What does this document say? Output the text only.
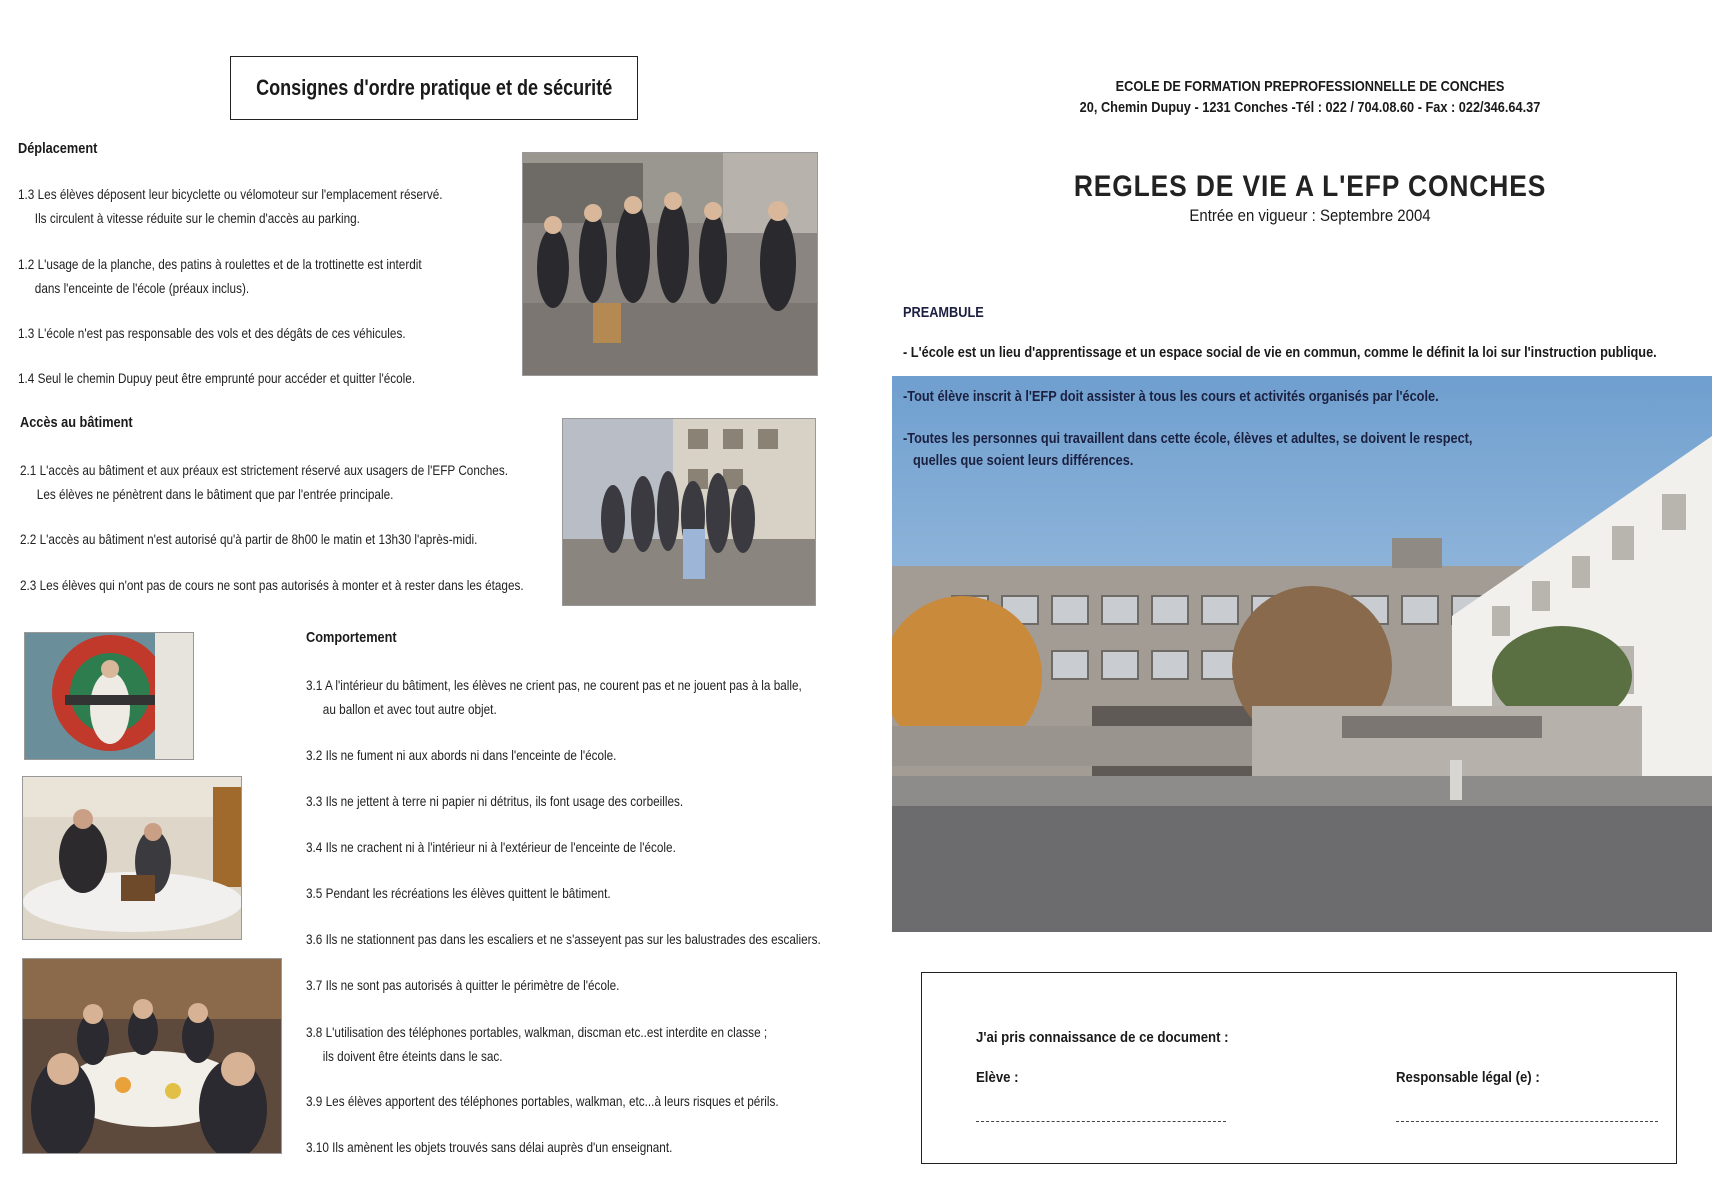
Consignes d'ordre pratique et de sécurité
Déplacement
1.3 Les élèves déposent leur bicyclette ou vélomoteur sur l'emplacement réservé.
Ils circulent à vitesse réduite sur le chemin d'accès au parking.
1.2 L'usage de la planche, des patins à roulettes et de la trottinette est interdit
dans l'enceinte de l'école (préaux inclus).
1.3 L'école n'est pas responsable des vols et des dégâts de ces véhicules.
1.4 Seul le chemin Dupuy peut être emprunté pour accéder et quitter l'école.
Accès au bâtiment
2.1 L'accès au bâtiment et aux préaux est strictement réservé aux usagers de l'EFP Conches.
Les élèves ne pénètrent dans le bâtiment que par l'entrée principale.
2.2 L'accès au bâtiment n'est autorisé qu'à partir de 8h00 le matin et 13h30 l'après-midi.
2.3 Les élèves qui n'ont pas de cours ne sont pas autorisés à monter et à rester dans les étages.
Comportement
3.1 A l'intérieur du bâtiment, les élèves ne crient pas, ne courent pas et ne jouent pas à la balle,
au ballon et avec tout autre objet.
3.2 Ils ne fument ni aux abords ni dans l'enceinte de l'école.
3.3 Ils ne jettent à terre ni papier ni détritus, ils font usage des corbeilles.
3.4 Ils ne crachent ni à l'intérieur ni à l'extérieur de l'enceinte de l'école.
3.5 Pendant les récréations les élèves quittent le bâtiment.
3.6 Ils ne stationnent pas dans les escaliers et ne s'asseyent pas sur les balustrades des escaliers.
3.7 Ils ne sont pas autorisés à quitter le périmètre de l'école.
3.8 L'utilisation des téléphones portables, walkman, discman etc..est interdite en classe ;
ils doivent être éteints dans le sac.
3.9 Les élèves apportent des téléphones portables, walkman, etc...à leurs risques et périls.
3.10 Ils amènent les objets trouvés sans délai auprès d'un enseignant.
ECOLE DE FORMATION PREPROFESSIONNELLE DE CONCHES
20, Chemin Dupuy - 1231 Conches -Tél : 022 / 704.08.60 - Fax : 022/346.64.37
REGLES DE VIE A L'EFP CONCHES
Entrée en vigueur : Septembre 2004
PREAMBULE
- L'école est un lieu d'apprentissage et un espace social de vie en commun, comme le définit la loi sur l'instruction publique.
-Tout élève inscrit à l'EFP doit assister à tous les cours et activités organisés par l'école.
-Toutes les personnes qui travaillent dans cette école, élèves et adultes, se doivent le respect,
quelles que soient leurs différences.
J'ai pris connaissance de ce document :
Elève :	Responsable légal (e) :
